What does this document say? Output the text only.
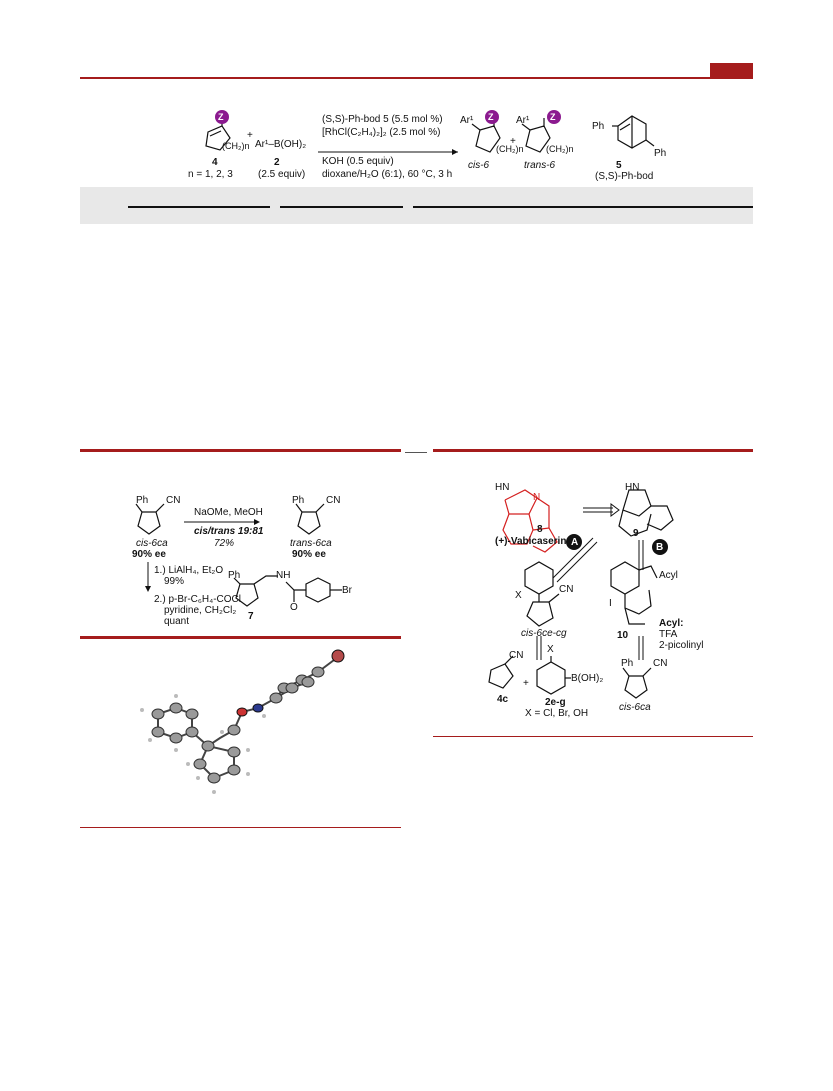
Z	Z	Z
(CH₂)n
4
n = 1, 2, 3
+
Ar¹–B(OH)₂
2
(2.5 equiv)
(S,S)-Ph-bod 5 (5.5 mol %)
[RhCl(C₂H₄)₂]₂ (2.5 mol %)
KOH (0.5 equiv)
dioxane/H₂O (6:1), 60 °C, 3 h
Ar¹
(CH₂)n
cis-6
+
Ar¹
(CH₂)n
trans-6
Ph
Ph
5
(S,S)-Ph-bod
Ph CN
cis-6ca
90% ee
NaOMe, MeOH
cis/trans 19:81
72%
Ph CN
trans-6ca
90% ee
1.) LiAlH₄, Et₂O
99%
2.) p-Br-C₆H₄-COCl
pyridine, CH₂Cl₂
quant
Ph	NH
O
Br
7
HN
N
8
(+)-Vabicaserin
HN
9
A	B
X
CN
cis-6ce-cg
Acyl
I
10
Acyl:
TFA
2-picolinyl
CN
4c
+
X
B(OH)₂
2e-g
X = Cl, Br, OH
Ph CN
cis-6ca
